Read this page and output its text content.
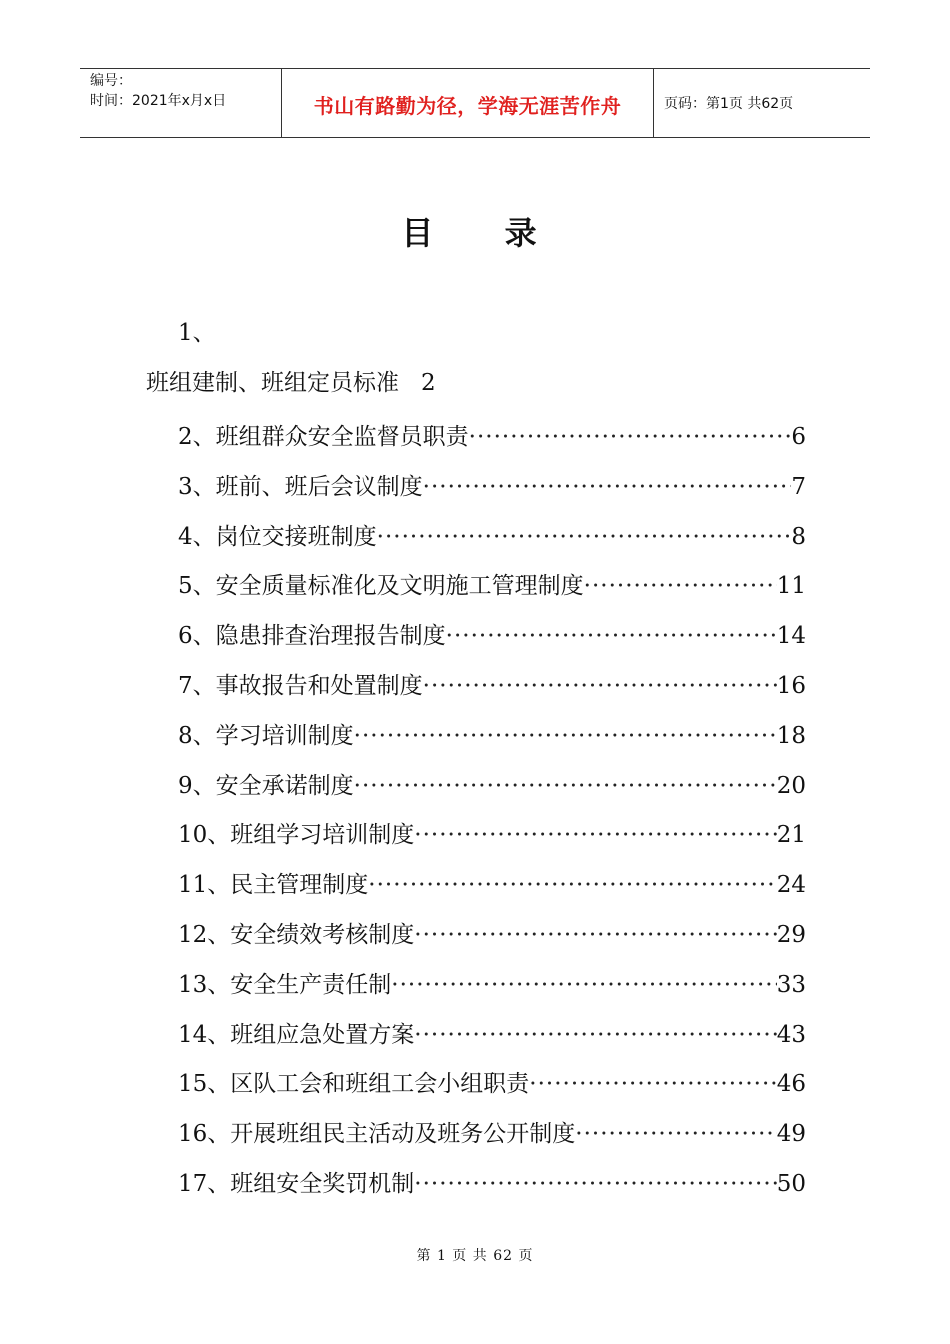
编号：
时间：2021年x月x日	书山有路勤为径，学海无涯苦作舟	页码：第1页 共62页
目 录
1、
班组建制、班组定员标准 2
2、班组群众安全监督员职责 ·····	6
3、班前、班后会议制度 ·····	7
4、岗位交接班制度 ·····	8
5、安全质量标准化及文明施工管理制度 ·····	11
6、隐患排查治理报告制度 ·····	14
7、事故报告和处置制度 ·····	16
8、学习培训制度 ·····	18
9、安全承诺制度 ·····	20
10、班组学习培训制度 ·····	21
11、民主管理制度 ·····	24
12、安全绩效考核制度 ·····	29
13、安全生产责任制 ·····	33
14、班组应急处置方案 ·····	43
15、区队工会和班组工会小组职责 ·····	46
16、开展班组民主活动及班务公开制度 ·····	49
17、班组安全奖罚机制 ·····	50
第 1 页 共 62 页
